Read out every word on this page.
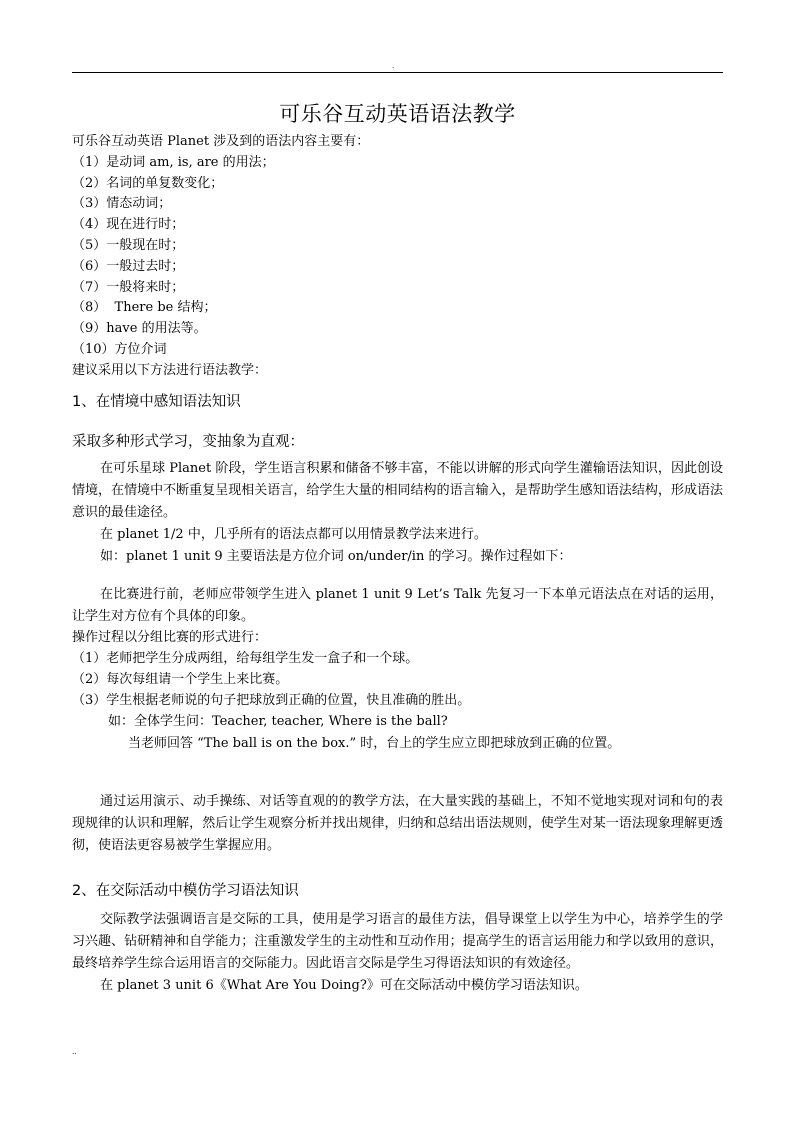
.
可乐谷互动英语语法教学
可乐谷互动英语 Planet 涉及到的语法内容主要有：
（1）是动词 am, is, are 的用法；
（2）名词的单复数变化；
（3）情态动词；
（4）现在进行时；
（5）一般现在时；
（6）一般过去时；
（7）一般将来时；
（8）  There be 结构；
（9）have 的用法等。
（10）方位介词
建议采用以下方法进行语法教学：
1、在情境中感知语法知识
采取多种形式学习，变抽象为直观：
在可乐星球 Planet 阶段，学生语言积累和储备不够丰富，不能以讲解的形式向学生灌输语法知识，因此创设情境，在情境中不断重复呈现相关语言，给学生大量的相同结构的语言输入，是帮助学生感知语法结构，形成语法意识的最佳途径。
在 planet 1/2 中，几乎所有的语法点都可以用情景教学法来进行。
如：planet 1 unit 9 主要语法是方位介词 on/under/in 的学习。操作过程如下：
在比赛进行前，老师应带领学生进入 planet 1 unit 9 Let’s Talk 先复习一下本单元语法点在对话的运用，让学生对方位有个具体的印象。
操作过程以分组比赛的形式进行：
（1）老师把学生分成两组，给每组学生发一盒子和一个球。
（2）每次每组请一个学生上来比赛。
（3）学生根据老师说的句子把球放到正确的位置，快且准确的胜出。
如：全体学生问：Teacher, teacher, Where is the ball?
当老师回答 “The ball is on the box.” 时，台上的学生应立即把球放到正确的位置。
通过运用演示、动手操练、对话等直观的的教学方法，在大量实践的基础上，不知不觉地实现对词和句的表现规律的认识和理解，然后让学生观察分析并找出规律，归纳和总结出语法规则，使学生对某一语法现象理解更透彻，使语法更容易被学生掌握应用。
2、在交际活动中模仿学习语法知识
交际教学法强调语言是交际的工具，使用是学习语言的最佳方法，倡导课堂上以学生为中心，培养学生的学习兴趣、钻研精神和自学能力；注重激发学生的主动性和互动作用；提高学生的语言运用能力和学以致用的意识，最终培养学生综合运用语言的交际能力。因此语言交际是学生习得语法知识的有效途径。
在 planet 3 unit 6《What Are You Doing?》可在交际活动中模仿学习语法知识。
..
